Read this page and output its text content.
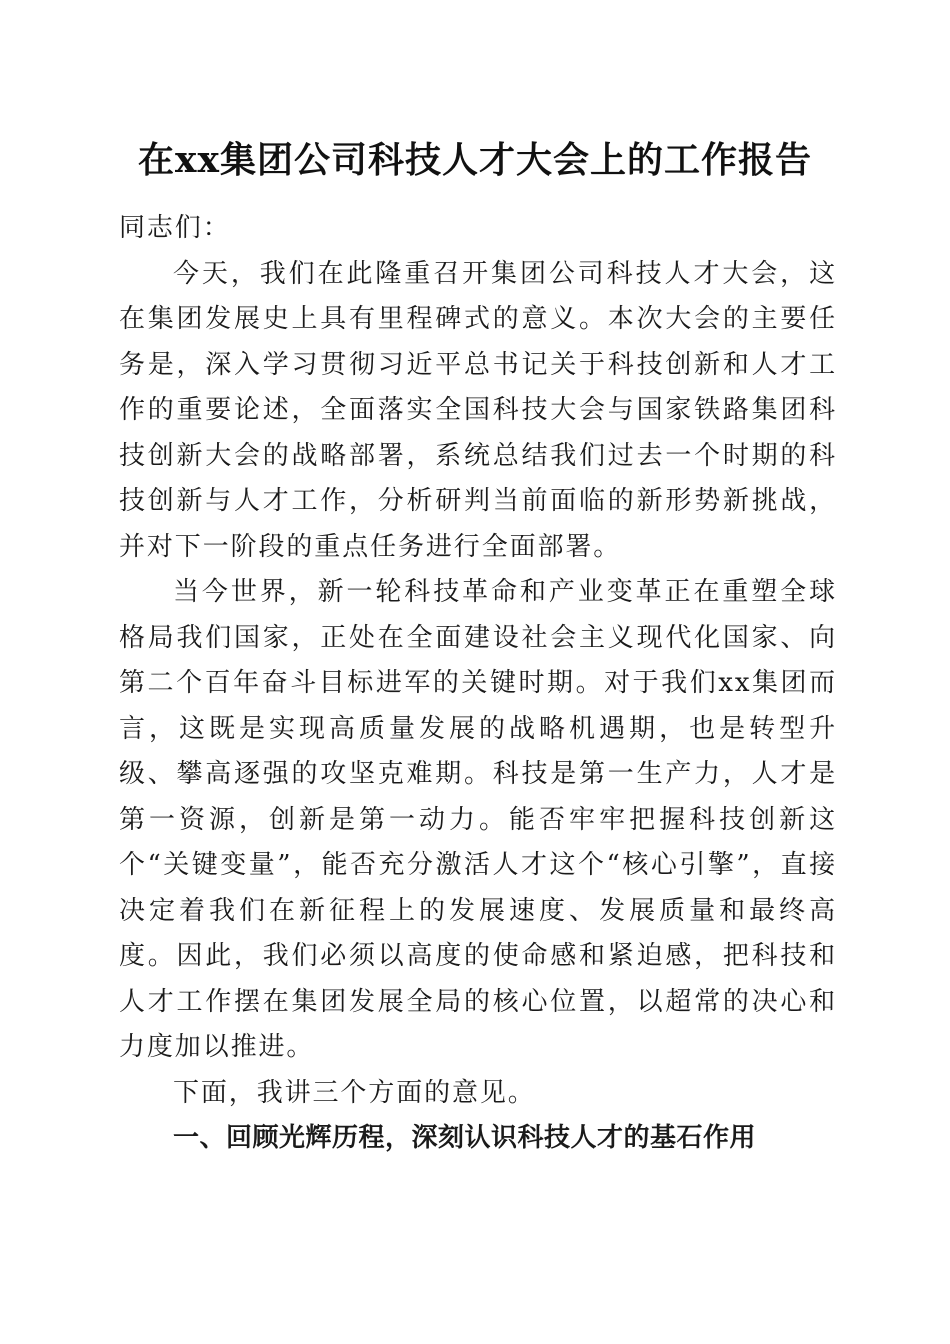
在xx集团公司科技人才大会上的工作报告

同志们：

今天，我们在此隆重召开集团公司科技人才大会，这在集团发展史上具有里程碑式的意义。本次大会的主要任务是，深入学习贯彻习近平总书记关于科技创新和人才工作的重要论述，全面落实全国科技大会与国家铁路集团科技创新大会的战略部署，系统总结我们过去一个时期的科技创新与人才工作，分析研判当前面临的新形势新挑战，并对下一阶段的重点任务进行全面部署。

当今世界，新一轮科技革命和产业变革正在重塑全球格局我们国家，正处在全面建设社会主义现代化国家、向第二个百年奋斗目标进军的关键时期。对于我们xx集团而言，这既是实现高质量发展的战略机遇期，也是转型升级、攀高逐强的攻坚克难期。科技是第一生产力，人才是第一资源，创新是第一动力。能否牢牢把握科技创新这个“关键变量”，能否充分激活人才这个“核心引擎”，直接决定着我们在新征程上的发展速度、发展质量和最终高度。因此，我们必须以高度的使命感和紧迫感，把科技和人才工作摆在集团发展全局的核心位置，以超常的决心和力度加以推进。

下面，我讲三个方面的意见。

一、回顾光辉历程，深刻认识科技人才的基石作用
